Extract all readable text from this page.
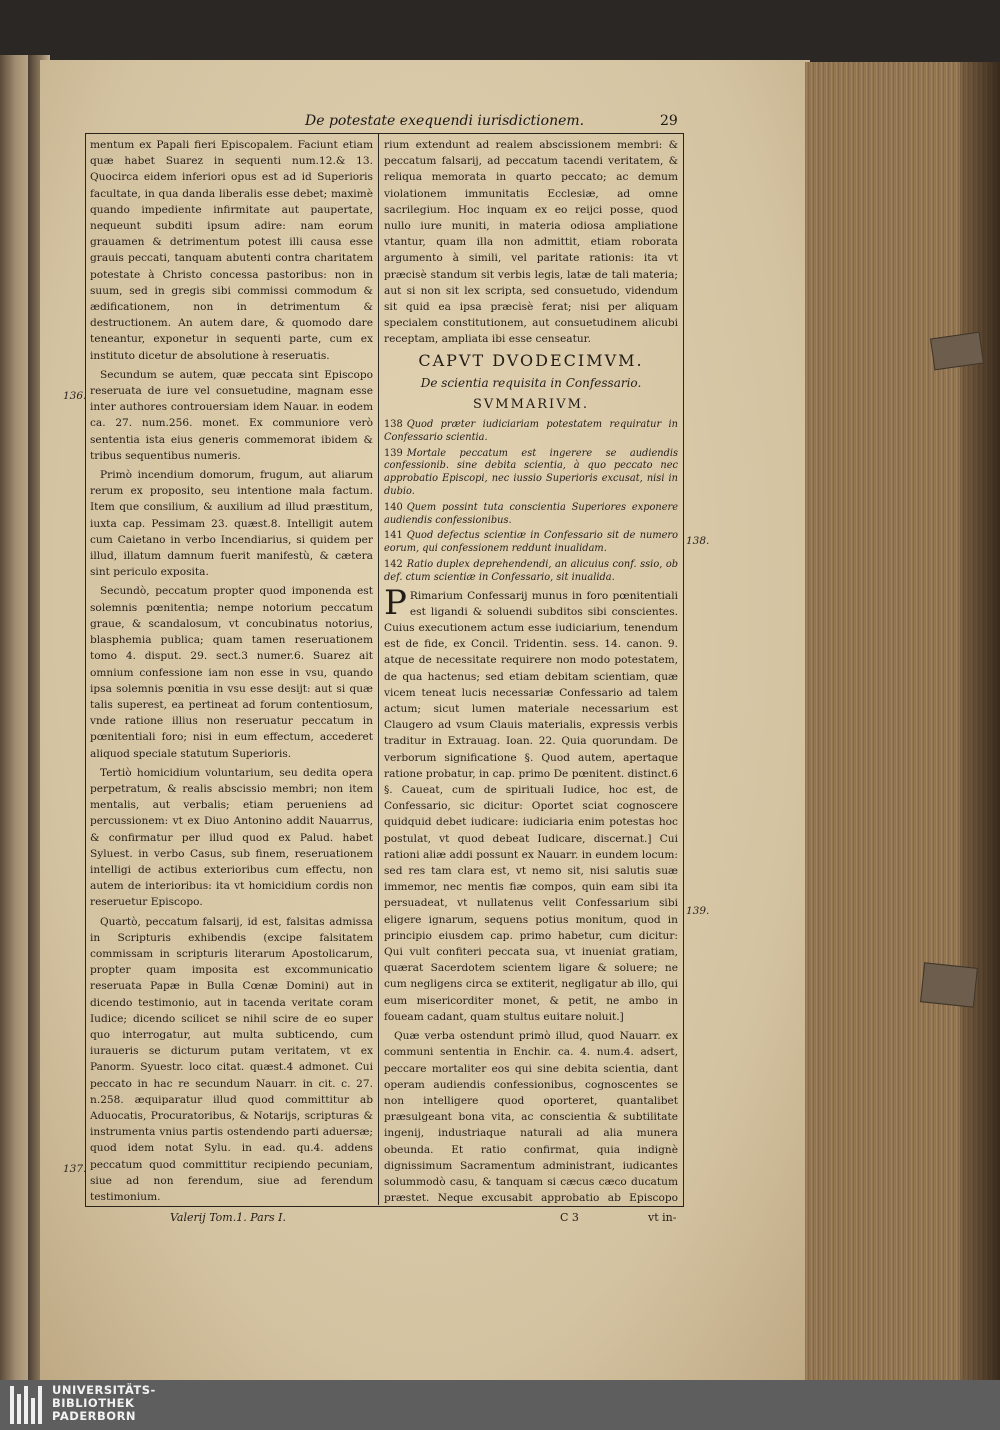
De potestate exequendi iurisdictionem.	29
136.
137.
138.
139.

mentum ex Papali fieri Episcopalem. Faciunt etiam quæ habet Suarez in sequenti num.12.& 13. Quocirca eidem inferiori opus est ad id Superioris facultate, in qua danda liberalis esse debet; maximè quando impediente infirmitate aut paupertate, nequeunt subditi ipsum adire: nam eorum grauamen & detrimentum potest illi causa esse grauis peccati, tanquam abutenti contra charitatem potestate à Christo concessa pastoribus: non in suum, sed in gregis sibi commissi commodum & ædificationem, non in detrimentum & destructionem. An autem dare, & quomodo dare teneantur, exponetur in sequenti parte, cum ex instituto dicetur de absolutione à reseruatis.

Secundum se autem, quæ peccata sint Episcopo reseruata de iure vel consuetudine, magnam esse inter authores controuersiam idem Nauar. in eodem ca. 27. num.256. monet. Ex communiore verò sententia ista eius generis commemorat ibidem & tribus sequentibus numeris.

Primò incendium domorum, frugum, aut aliarum rerum ex proposito, seu intentione mala factum. Item que consilium, & auxilium ad illud præstitum, iuxta cap. Pessimam 23. quæst.8. Intelligit autem cum Caietano in verbo Incendiarius, si quidem per illud, illatum damnum fuerit manifestù, & cætera sint periculo exposita.

Secundò, peccatum propter quod imponenda est solemnis pœnitentia; nempe notorium peccatum graue, & scandalosum, vt concubinatus notorius, blasphemia publica; quam tamen reseruationem tomo 4. disput. 29. sect.3 numer.6. Suarez ait omnium confessione iam non esse in vsu, quando ipsa solemnis pœnitia in vsu esse desijt: aut si quæ talis superest, ea pertineat ad forum contentiosum, vnde ratione illius non reseruatur peccatum in pœnitentiali foro; nisi in eum effectum, accederet aliquod speciale statutum Superioris.

Tertiò homicidium voluntarium, seu dedita opera perpetratum, & realis abscissio membri; non item mentalis, aut verbalis; etiam perueniens ad percussionem: vt ex Diuo Antonino addit Nauarrus, & confirmatur per illud quod ex Palud. habet Syluest. in verbo Casus, sub finem, reseruationem intelligi de actibus exterioribus cum effectu, non autem de interioribus: ita vt homicidium cordis non reseruetur Episcopo.

Quartò, peccatum falsarij, id est, falsitas admissa in Scripturis exhibendis (excipe falsitatem commissam in scripturis literarum Apostolicarum, propter quam imposita est excommunicatio reseruata Papæ in Bulla Cœnæ Domini) aut in dicendo testimonio, aut in tacenda veritate coram Iudice; dicendo scilicet se nihil scire de eo super quo interrogatur, aut multa subticendo, cum iuraueris se dicturum putam veritatem, vt ex Panorm. Syuestr. loco citat. quæst.4 admonet. Cui peccato in hac re secundum Nauarr. in cit. c. 27. n.258. æquiparatur illud quod committitur ab Aduocatis, Procuratoribus, & Notarijs, scripturas & instrumenta vnius partis ostendendo parti aduersæ; quod idem notat Sylu. in ead. qu.4. addens peccatum quod committitur recipiendo pecuniam, siue ad non ferendum, siue ad ferendum testimonium.

rium extendunt ad realem abscissionem membri: & peccatum falsarij, ad peccatum tacendi veritatem, & reliqua memorata in quarto peccato; ac demum violationem immunitatis Ecclesiæ, ad omne sacrilegium. Hoc inquam ex eo reijci posse, quod nullo iure muniti, in materia odiosa ampliatione vtantur, quam illa non admittit, etiam roborata argumento à simili, vel paritate rationis: ita vt præcisè standum sit verbis legis, latæ de tali materia; aut si non sit lex scripta, sed consuetudo, videndum sit quid ea ipsa præcisè ferat; nisi per aliquam specialem constitutionem, aut consuetudinem alicubi receptam, ampliata ibi esse censeatur.

CAPVT DVODECIMVM.
De scientia requisita in Confessario.
SVMMARIVM.

138 Quod præter iudiciariam potestatem requiratur in Confessario scientia.

139 Mortale peccatum est ingerere se audiendis confessionib. sine debita scientia, à quo peccato nec approbatio Episcopi, nec iussio Superioris excusat, nisi in dubio.

140 Quem possint tuta conscientia Superiores exponere audiendis confessionibus.

141 Quod defectus scientiæ in Confessario sit de numero eorum, qui confessionem reddunt inualidam.

142 Ratio duplex deprehendendi, an alicuius conf. ssio, ob def. ctum scientiæ in Confessario, sit inualida.

P Rimarium Confessarij munus in foro pœnitentiali est ligandi & soluendi subditos sibi conscientes. Cuius executionem actum esse iudiciarium, tenendum est de fide, ex Concil. Tridentin. sess. 14. canon. 9. atque de necessitate requirere non modo potestatem, de qua hactenus; sed etiam debitam scientiam, quæ vicem teneat lucis necessariæ Confessario ad talem actum; sicut lumen materiale necessarium est Claugero ad vsum Clauis materialis, expressis verbis traditur in Extrauag. Ioan. 22. Quia quorundam. De verborum significatione §. Quod autem, apertaque ratione probatur, in cap. primo De pœnitent. distinct.6 §. Caueat, cum de spirituali Iudice, hoc est, de Confessario, sic dicitur: Oportet sciat cognoscere quidquid debet iudicare: iudiciaria enim potestas hoc postulat, vt quod debeat Iudicare, discernat.] Cui rationi aliæ addi possunt ex Nauarr. in eundem locum: sed res tam clara est, vt nemo sit, nisi salutis suæ immemor, nec mentis fiæ compos, quin eam sibi ita persuadeat, vt nullatenus velit Confessarium sibi eligere ignarum, sequens potius monitum, quod in principio eiusdem cap. primo habetur, cum dicitur: Qui vult confiteri peccata sua, vt inueniat gratiam, quærat Sacerdotem scientem ligare & soluere; ne cum negligens circa se extiterit, negligatur ab illo, qui eum misericorditer monet, & petit, ne ambo in foueam cadant, quam stultus euitare noluit.]

Quæ verba ostendunt primò illud, quod Nauarr. ex communi sententia in Enchir. ca. 4. num.4. adsert, peccare mortaliter eos qui sine debita scientia, dant operam audiendis confessionibus, cognoscentes se non intelligere quod oporteret, quantalibet præsulgeant bona vita, ac conscientia & subtilitate ingenij, industriaque naturali ad alia munera obeunda. Et ratio confirmat, quia indignè dignissimum Sacramentum administrant, iudicantes solummodò casu, & tanquam si cæcus cæco ducatum præstet. Neque excusabit approbatio ab Episcopo

Valerij Tom.1. Pars I.	C 3	vt in-
UNIVERSITÄTS-
BIBLIOTHEK
PADERBORN
